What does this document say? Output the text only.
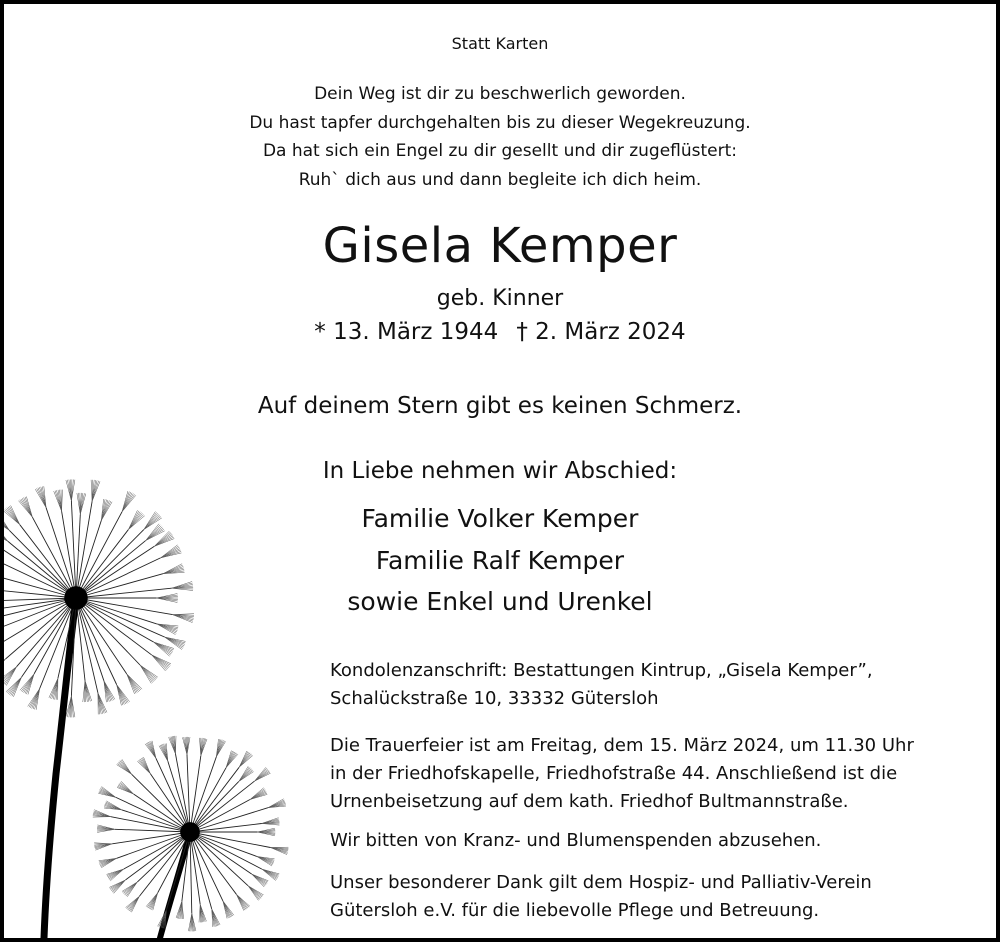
Statt Karten
Dein Weg ist dir zu beschwerlich geworden.
Du hast tapfer durchgehalten bis zu dieser Wegekreuzung.
Da hat sich ein Engel zu dir gesellt und dir zugeflüstert:
Ruh` dich aus und dann begleite ich dich heim.
Gisela Kemper
geb. Kinner
* 13. März 1944 † 2. März 2024
Auf deinem Stern gibt es keinen Schmerz.
In Liebe nehmen wir Abschied:
Familie Volker Kemper
Familie Ralf Kemper
sowie Enkel und Urenkel
Kondolenzanschrift: Bestattungen Kintrup, „Gisela Kemper”,
Schalückstraße 10, 33332 Gütersloh
Die Trauerfeier ist am Freitag, dem 15. März 2024, um 11.30 Uhr
in der Friedhofskapelle, Friedhofstraße 44. Anschließend ist die
Urnenbeisetzung auf dem kath. Friedhof Bultmannstraße.
Wir bitten von Kranz- und Blumenspenden abzusehen.
Unser besonderer Dank gilt dem Hospiz- und Palliativ-Verein
Gütersloh e.V. für die liebevolle Pflege und Betreuung.
